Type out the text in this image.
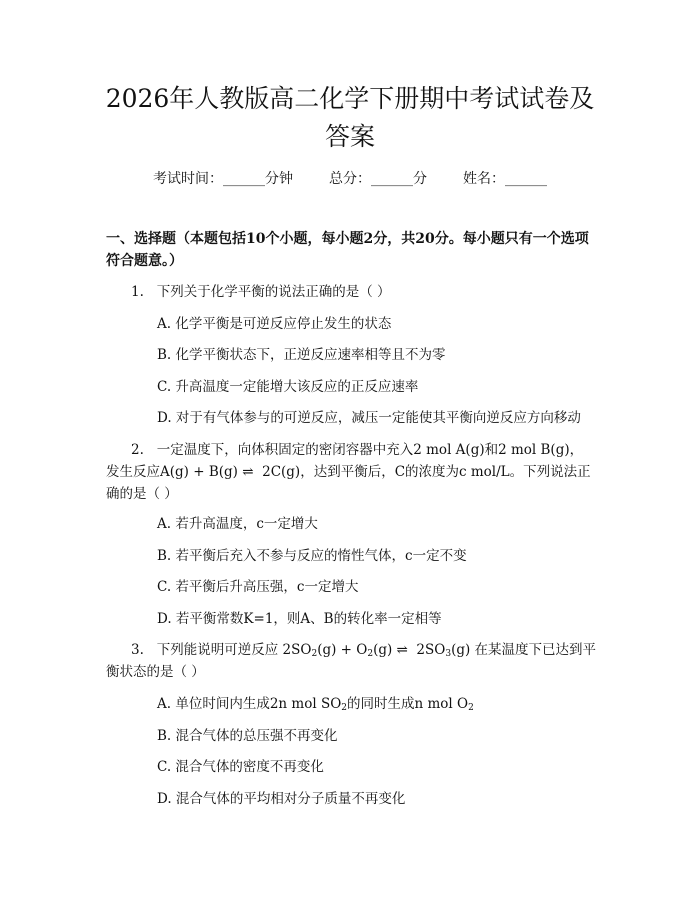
2026年人教版高二化学下册期中考试试卷及
答案
考试时间：______分钟	总分：______分	姓名：______
一、选择题（本题包括10个小题，每小题2分，共20分。每小题只有一个选项
符合题意。）
1.   下列关于化学平衡的说法正确的是（ ）
A. 化学平衡是可逆反应停止发生的状态
B. 化学平衡状态下，正逆反应速率相等且不为零
C. 升高温度一定能增大该反应的正反应速率
D. 对于有气体参与的可逆反应，减压一定能使其平衡向逆反应方向移动
2.   一定温度下，向体积固定的密闭容器中充入2 mol A(g)和2 mol B(g)，
发生反应A(g) + B(g) ⇌  2C(g)，达到平衡后，C的浓度为c mol/L。下列说法正
确的是（ ）
A. 若升高温度，c一定增大
B. 若平衡后充入不参与反应的惰性气体，c一定不变
C. 若平衡后升高压强，c一定增大
D. 若平衡常数K=1，则A、B的转化率一定相等
3.   下列能说明可逆反应 $2SO_2(g) + O_2(g)$ ⇌  $2SO_3(g)$ 在某温度下已达到平
衡状态的是（ ）
A. 单位时间内生成2n mol $SO_2$的同时生成n mol $O_2$
B. 混合气体的总压强不再变化
C. 混合气体的密度不再变化
D. 混合气体的平均相对分子质量不再变化
